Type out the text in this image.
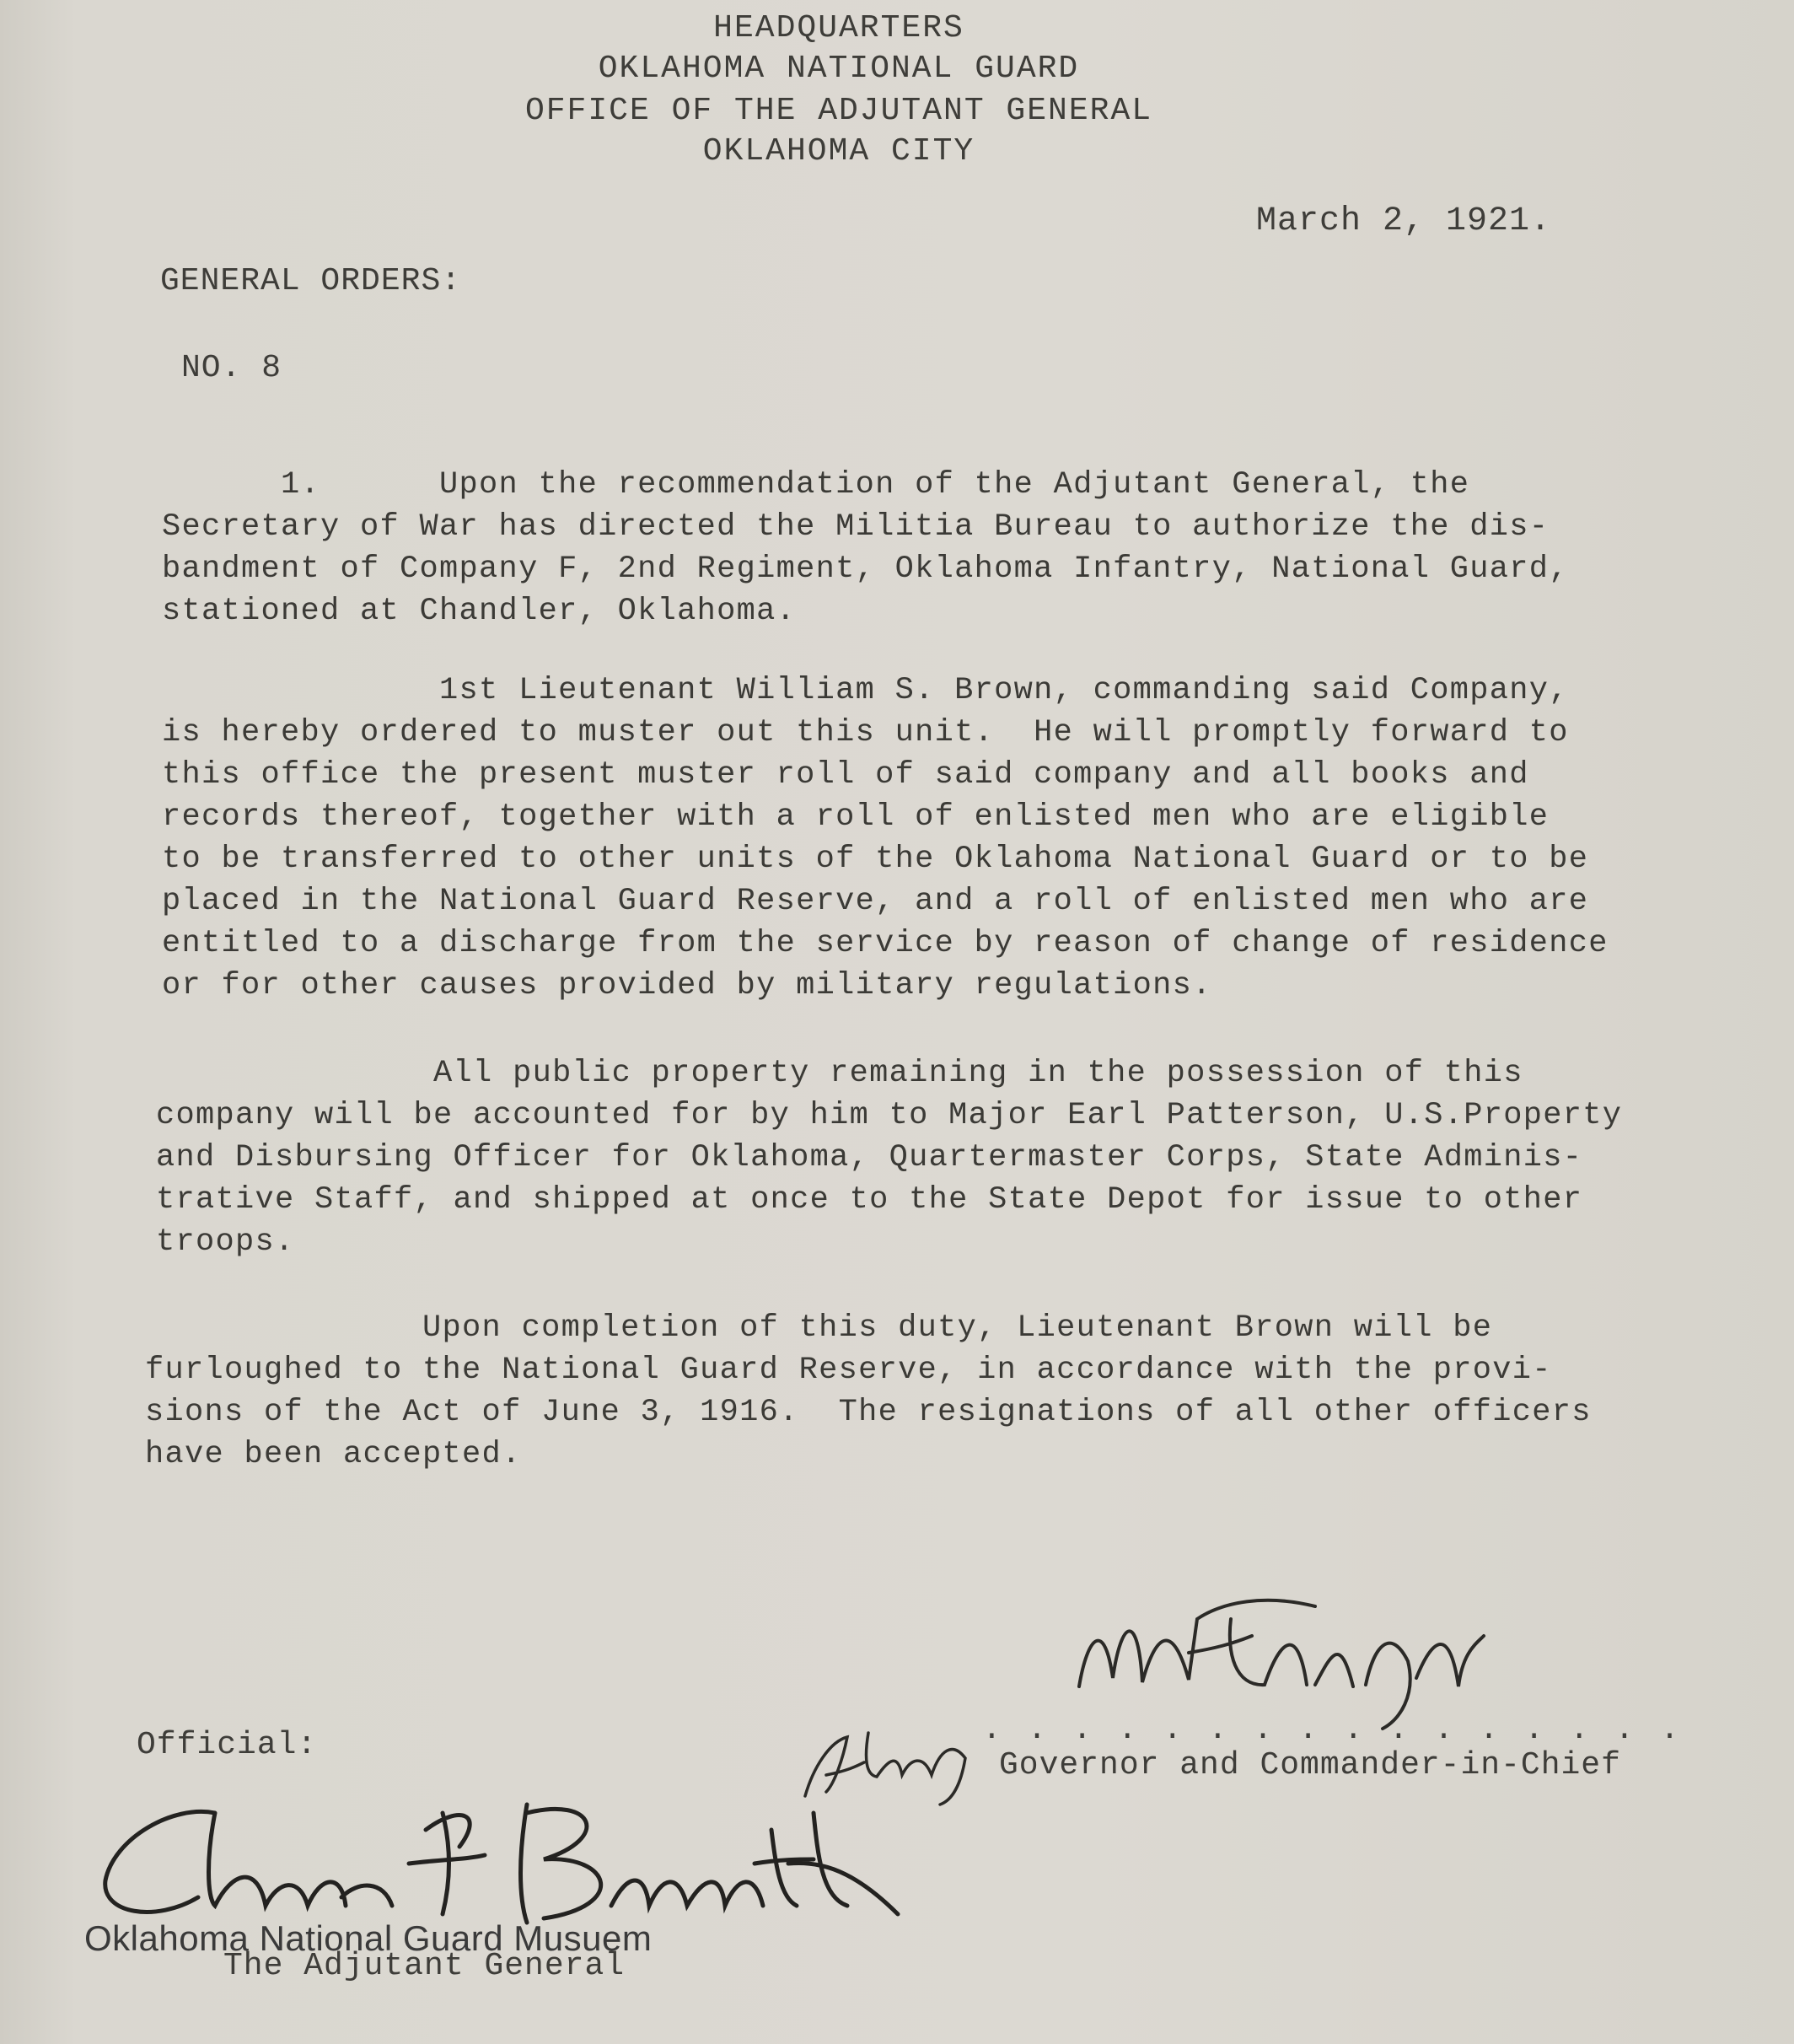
HEADQUARTERS
OKLAHOMA NATIONAL GUARD
OFFICE OF THE ADJUTANT GENERAL
OKLAHOMA CITY
March 2, 1921.
GENERAL ORDERS:
NO. 8
1.      Upon the recommendation of the Adjutant General, the
Secretary of War has directed the Militia Bureau to authorize the dis-
bandment of Company F, 2nd Regiment, Oklahoma Infantry, National Guard,
stationed at Chandler, Oklahoma.
1st Lieutenant William S. Brown, commanding said Company,
is hereby ordered to muster out this unit.  He will promptly forward to
this office the present muster roll of said company and all books and
records thereof, together with a roll of enlisted men who are eligible
to be transferred to other units of the Oklahoma National Guard or to be
placed in the National Guard Reserve, and a roll of enlisted men who are
entitled to a discharge from the service by reason of change of residence
or for other causes provided by military regulations.
All public property remaining in the possession of this
company will be accounted for by him to Major Earl Patterson, U.S.Property
and Disbursing Officer for Oklahoma, Quartermaster Corps, State Adminis-
trative Staff, and shipped at once to the State Depot for issue to other
troops.
Upon completion of this duty, Lieutenant Brown will be
furloughed to the National Guard Reserve, in accordance with the provi-
sions of the Act of June 3, 1916.  The resignations of all other officers
have been accepted.
Official:	. . . . . . . . . . . . . . . .
Governor and Commander-in-Chief
Oklahoma National Guard Musuem
The Adjutant General
